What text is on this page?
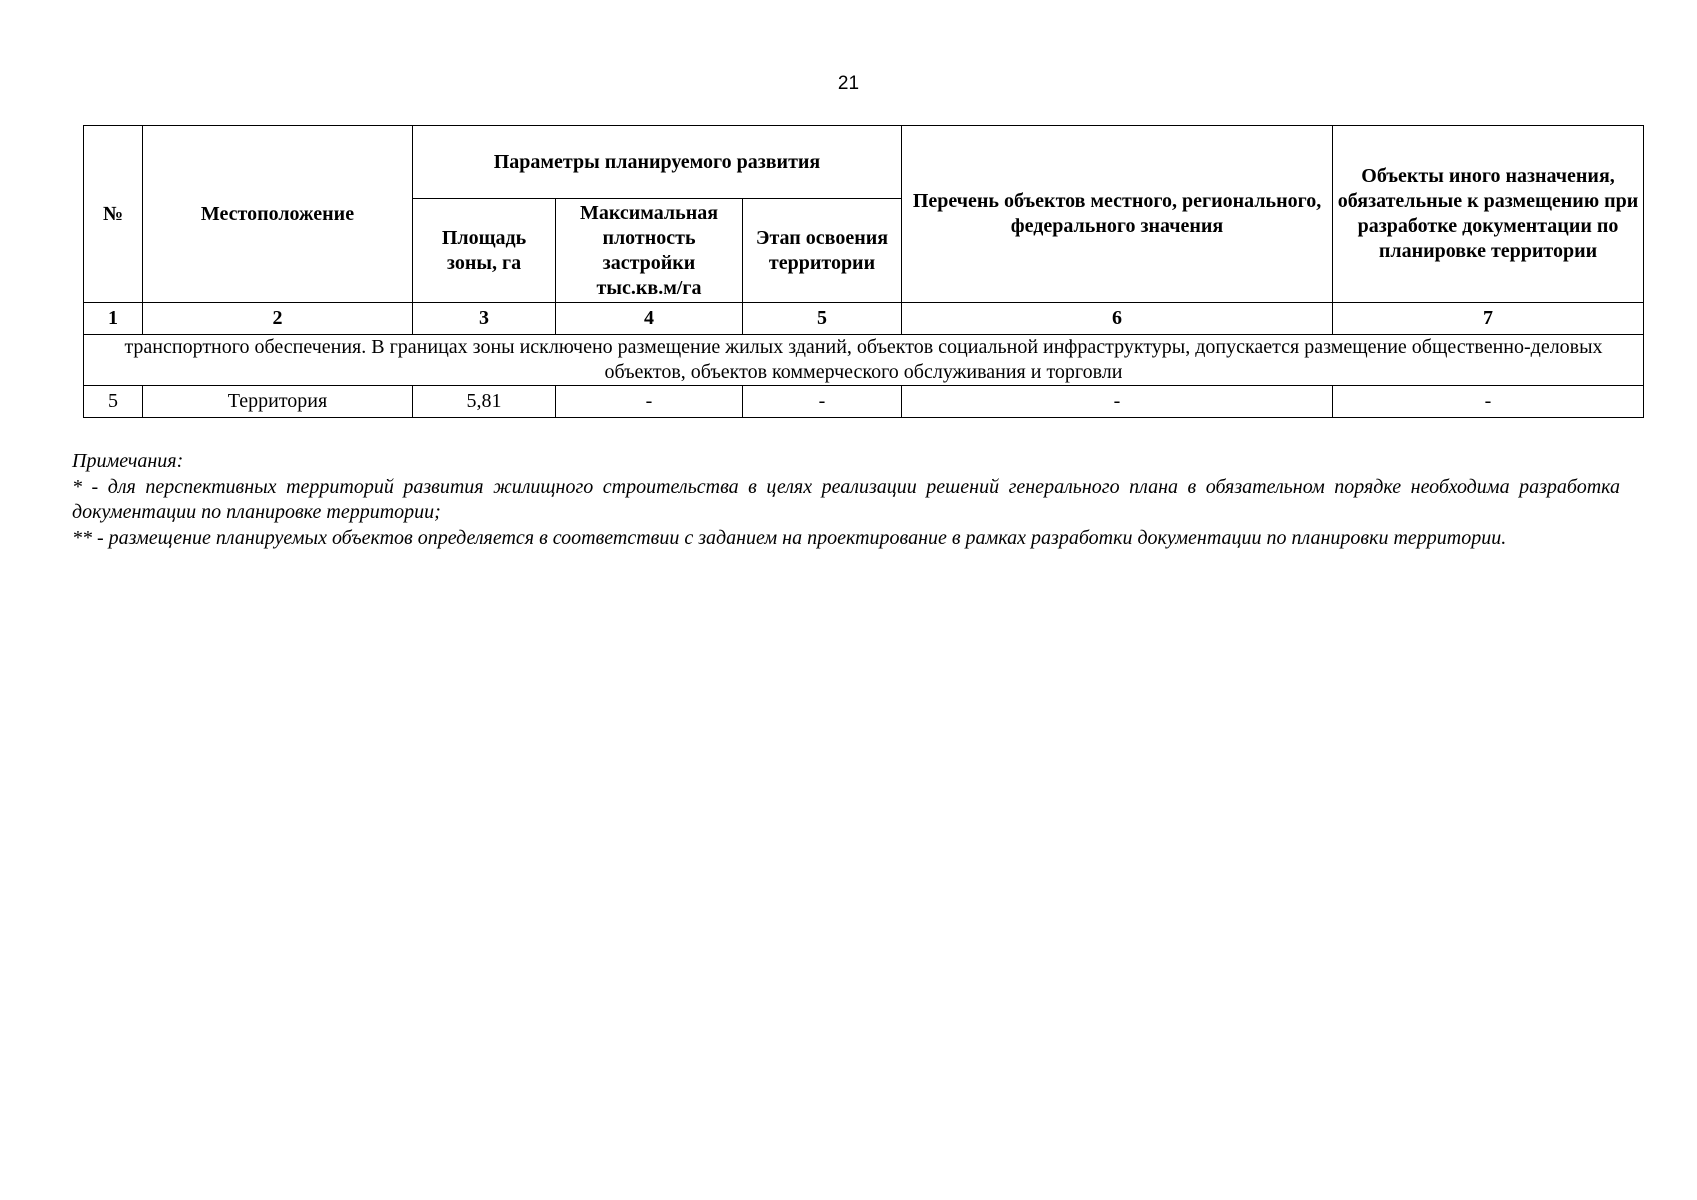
21
№	Местоположение	Параметры планируемого развития			Перечень объектов местного, регионального, федерального значения	Объекты иного назначения, обязательные к размещению при разработке документации по планировке территории
		Площадь зоны, га	Максимальная плотность застройки тыс.кв.м/га	Этап освоения территории		
1	2	3	4	5	6	7
транспортного обеспечения. В границах зоны исключено размещение жилых зданий, объектов социальной инфраструктуры, допускается размещение общественно-деловых объектов, объектов коммерческого обслуживания и торговли						
5	Территория	5,81	-	-	-	-

Примечания:

* - для перспективных территорий развития жилищного строительства в целях реализации решений генерального плана в обязательном порядке необходима разработка документации по планировке территории;

** - размещение планируемых объектов определяется в соответствии с заданием на проектирование в рамках разработки документации по планировки территории.
